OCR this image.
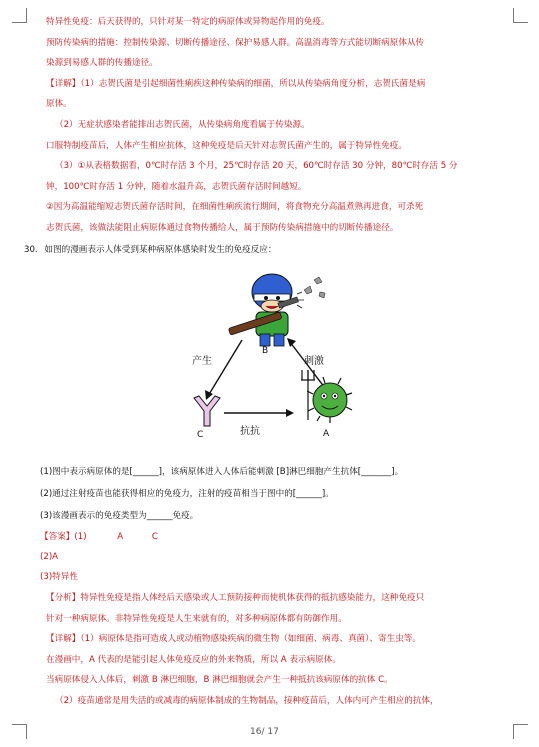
特异性免疫：后天获得的，只针对某一特定的病原体或异物起作用的免疫。
预防传染病的措施：控制传染源、切断传播途径、保护易感人群。高温消毒等方式能切断病原体从传
染源到易感人群的传播途径。
【详解】（1）志贺氏菌是引起细菌性痢疾这种传染病的细菌，所以从传染病角度分析，志贺氏菌是病
原体。
（2）无症状感染者能排出志贺氏菌，从传染病角度看属于传染源。
口服特制疫苗后，人体产生相应抗体，这种免疫是后天针对志贺氏菌产生的，属于特异性免疫。
（3）①从表格数据看，0℃时存活 3 个月，25℃时存活 20 天，60℃时存活 30 分钟，80℃时存活 5 分
钟，100℃时存活 1 分钟，随着水温升高，志贺氏菌存活时间越短。
②因为高温能缩短志贺氏菌存活时间，在细菌性痢疾流行期间，将食物充分高温煮熟再进食，可杀死
志贺氏菌，该做法能阻止病原体通过食物传播给人，属于预防传染病措施中的切断传播途径。
30. 如图的漫画表示人体受到某种病原体感染时发生的免疫反应：
产生	刺激
抗抗
B
A
C
(1)图中表示病原体的是[______]，该病原体进入人体后能刺激 [B]淋巴细胞产生抗体[_______]。
(2)通过注射疫苗也能获得相应的免疫力，注射的疫苗相当于图中的[______]。
(3)该漫画表示的免疫类型为______免疫。
【答案】(1)	A	C
(2)A
(3)特异性
【分析】特异性免疫是指人体经后天感染或人工预防接种而使机体获得的抵抗感染能力，这种免疫只
针对一种病原体。非特异性免疫是人生来就有的，对多种病原体都有防御作用。
【详解】（1）病原体是指可造成人或动植物感染疾病的微生物（如细菌、病毒、真菌）、寄生虫等。
在漫画中，A 代表的是能引起人体免疫反应的外来物质，所以 A 表示病原体。
当病原体侵入人体后，刺激 B 淋巴细胞，B 淋巴细胞就会产生一种抵抗该病原体的抗体 C。
（2）疫苗通常是用失活的或减毒的病原体制成的生物制品，接种疫苗后，人体内可产生相应的抗体，
16/ 17
